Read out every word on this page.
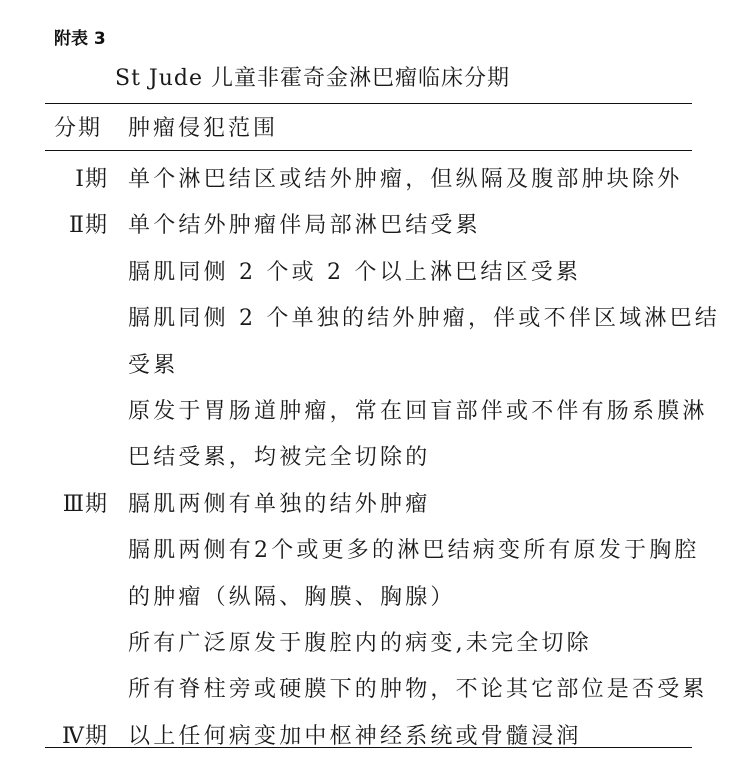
附表 3
St Jude 儿童非霍奇金淋巴瘤临床分期
分期 肿瘤侵犯范围
Ⅰ期 单个淋巴结区或结外肿瘤，但纵隔及腹部肿块除外
Ⅱ期 单个结外肿瘤伴局部淋巴结受累
膈肌同侧 2 个或 2 个以上淋巴结区受累
膈肌同侧 2 个单独的结外肿瘤，伴或不伴区域淋巴结
受累
原发于胃肠道肿瘤，常在回盲部伴或不伴有肠系膜淋
巴结受累，均被完全切除的
Ⅲ期 膈肌两侧有单独的结外肿瘤
膈肌两侧有2个或更多的淋巴结病变所有原发于胸腔
的肿瘤（纵隔、胸膜、胸腺）
所有广泛原发于腹腔内的病变,未完全切除
所有脊柱旁或硬膜下的肿物，不论其它部位是否受累
Ⅳ期 以上任何病变加中枢神经系统或骨髓浸润
